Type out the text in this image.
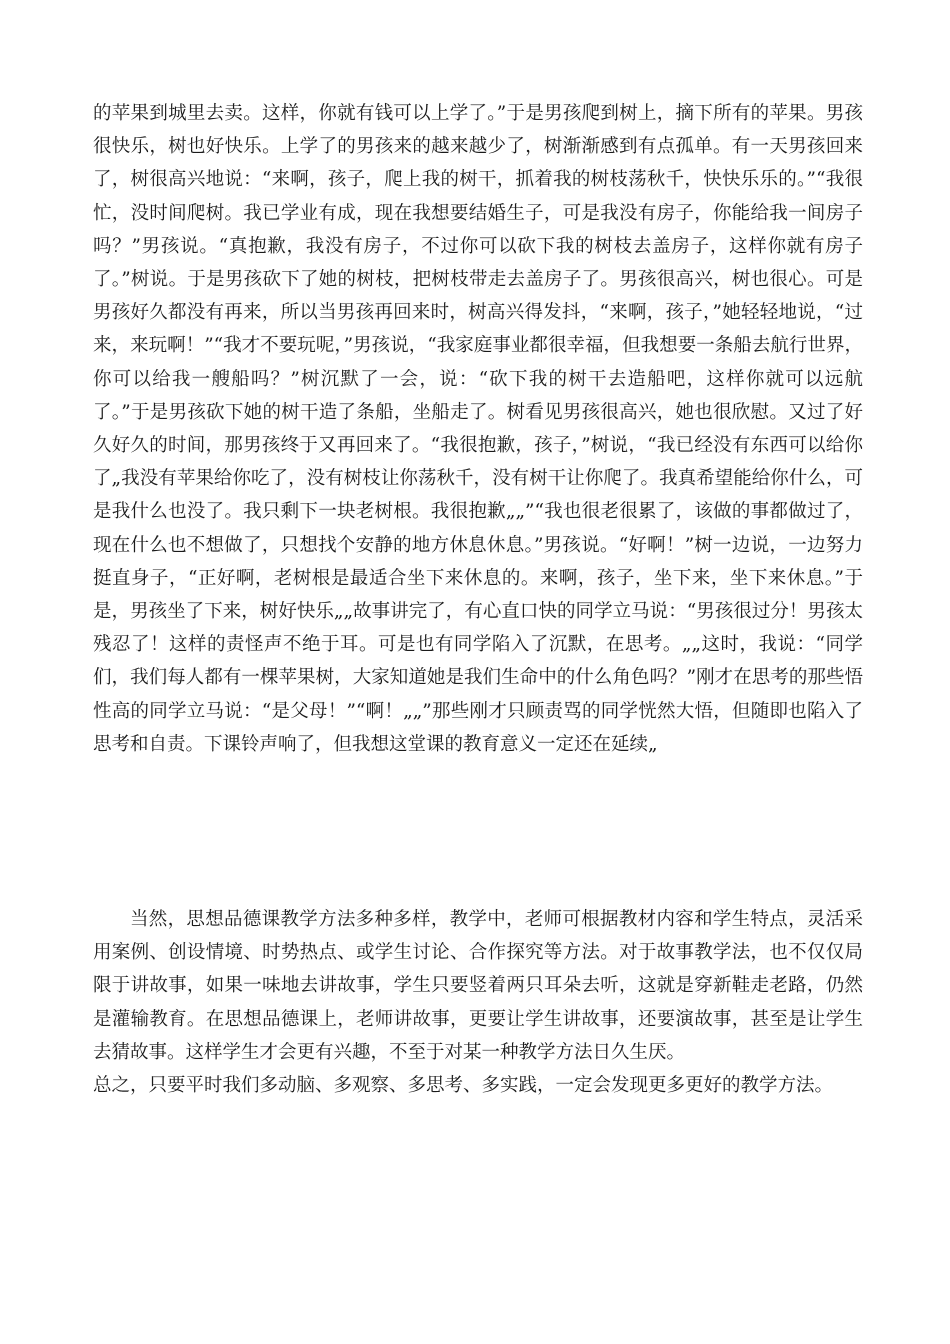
的苹果到城里去卖。这样，你就有钱可以上学了。”于是男孩爬到树上，摘下所有的苹果。男孩很快乐，树也好快乐。上学了的男孩来的越来越少了，树渐渐感到有点孤单。有一天男孩回来了，树很高兴地说：“来啊，孩子，爬上我的树干，抓着我的树枝荡秋千，快快乐乐的。”“我很忙，没时间爬树。我已学业有成，现在我想要结婚生子，可是我没有房子，你能给我一间房子吗？”男孩说。“真抱歉，我没有房子，不过你可以砍下我的树枝去盖房子，这样你就有房子了。”树说。于是男孩砍下了她的树枝，把树枝带走去盖房子了。男孩很高兴，树也很心。可是男孩好久都没有再来，所以当男孩再回来时，树高兴得发抖，“来啊，孩子，”她轻轻地说，“过来，来玩啊！”“我才不要玩呢，”男孩说，“我家庭事业都很幸福，但我想要一条船去航行世界，你可以给我一艘船吗？”树沉默了一会，说：“砍下我的树干去造船吧，这样你就可以远航了。”于是男孩砍下她的树干造了条船，坐船走了。树看见男孩很高兴，她也很欣慰。又过了好久好久的时间，那男孩终于又再回来了。“我很抱歉，孩子，”树说，“我已经没有东西可以给你了„我没有苹果给你吃了，没有树枝让你荡秋千，没有树干让你爬了。我真希望能给你什么，可是我什么也没了。我只剩下一块老树根。我很抱歉„„”“我也很老很累了，该做的事都做过了，现在什么也不想做了，只想找个安静的地方休息休息。”男孩说。“好啊！”树一边说，一边努力挺直身子，“正好啊，老树根是最适合坐下来休息的。来啊，孩子，坐下来，坐下来休息。”于是，男孩坐了下来，树好快乐„„故事讲完了，有心直口快的同学立马说：“男孩很过分！男孩太残忍了！这样的责怪声不绝于耳。可是也有同学陷入了沉默，在思考。„„这时，我说：“同学们，我们每人都有一棵苹果树，大家知道她是我们生命中的什么角色吗？”刚才在思考的那些悟性高的同学立马说：“是父母！”“啊！„„”那些刚才只顾责骂的同学恍然大悟，但随即也陷入了思考和自责。下课铃声响了，但我想这堂课的教育意义一定还在延续„

当然，思想品德课教学方法多种多样，教学中，老师可根据教材内容和学生特点，灵活采用案例、创设情境、时势热点、或学生讨论、合作探究等方法。对于故事教学法，也不仅仅局限于讲故事，如果一味地去讲故事，学生只要竖着两只耳朵去听，这就是穿新鞋走老路，仍然是灌输教育。在思想品德课上，老师讲故事，更要让学生讲故事，还要演故事，甚至是让学生去猜故事。这样学生才会更有兴趣，不至于对某一种教学方法日久生厌。

总之，只要平时我们多动脑、多观察、多思考、多实践，一定会发现更多更好的教学方法。
